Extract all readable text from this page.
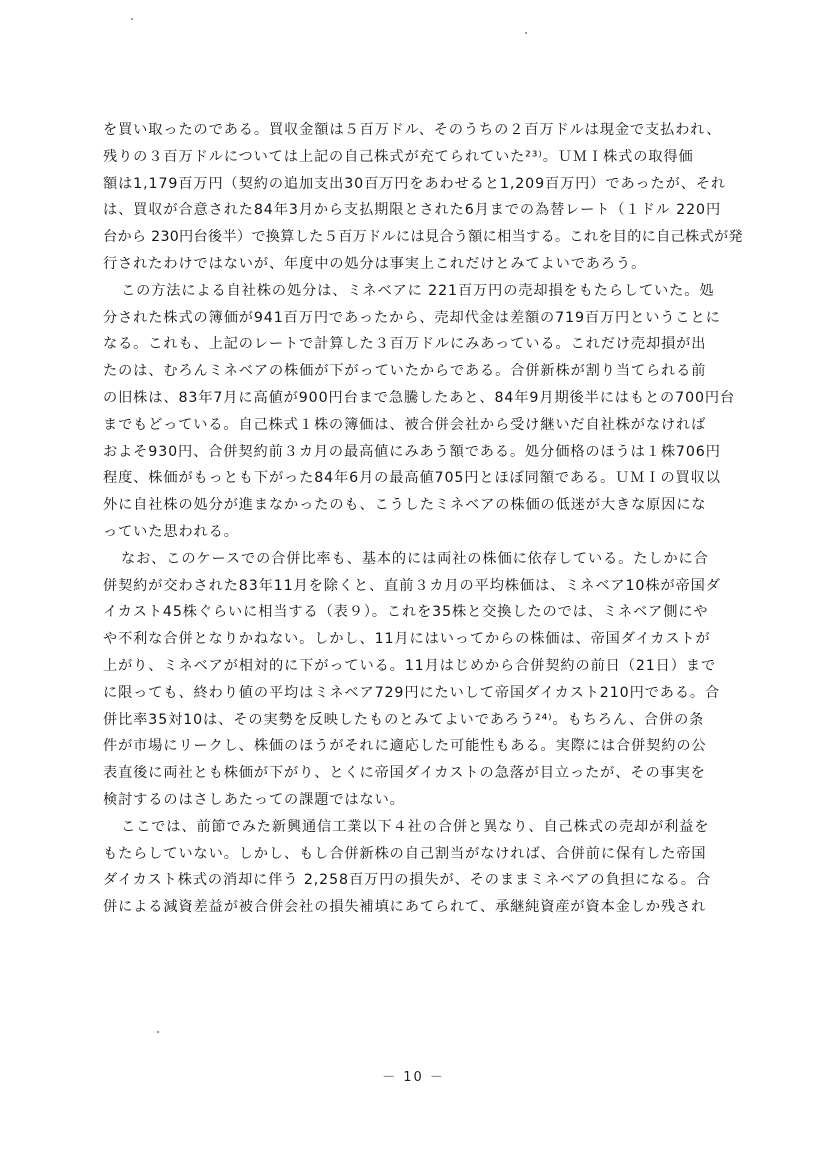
を買い取ったのである。買収金額は５百万ドル、そのうちの２百万ドルは現金で支払われ、
残りの３百万ドルについては上記の自己株式が充てられていた²³⁾。ＵＭＩ株式の取得価
額は1,179百万円（契約の追加支出30百万円をあわせると1,209百万円）であったが、それ
は、買収が合意された84年3月から支払期限とされた6月までの為替レート（１ドル 220円
台から 230円台後半）で換算した５百万ドルには見合う額に相当する。これを目的に自己株式が発
行されたわけではないが、年度中の処分は事実上これだけとみてよいであろう。
この方法による自社株の処分は、ミネベアに 221百万円の売却損をもたらしていた。処
分された株式の簿価が941百万円であったから、売却代金は差額の719百万円ということに
なる。これも、上記のレートで計算した３百万ドルにみあっている。これだけ売却損が出
たのは、むろんミネベアの株価が下がっていたからである。合併新株が割り当てられる前
の旧株は、83年7月に高値が900円台まで急騰したあと、84年9月期後半にはもとの700円台
までもどっている。自己株式１株の簿価は、被合併会社から受け継いだ自社株がなければ
およそ930円、合併契約前３カ月の最高値にみあう額である。処分価格のほうは１株706円
程度、株価がもっとも下がった84年6月の最高値705円とほぼ同額である。ＵＭＩの買収以
外に自社株の処分が進まなかったのも、こうしたミネベアの株価の低迷が大きな原因にな
っていた思われる。
なお、このケースでの合併比率も、基本的には両社の株価に依存している。たしかに合
併契約が交わされた83年11月を除くと、直前３カ月の平均株価は、ミネベア10株が帝国ダ
イカスト45株ぐらいに相当する（表９）。これを35株と交換したのでは、ミネベア側にや
や不利な合併となりかねない。しかし、11月にはいってからの株価は、帝国ダイカストが
上がり、ミネベアが相対的に下がっている。11月はじめから合併契約の前日（21日）まで
に限っても、終わり値の平均はミネベア729円にたいして帝国ダイカスト210円である。合
併比率35対10は、その実勢を反映したものとみてよいであろう²⁴⁾。もちろん、合併の条
件が市場にリークし、株価のほうがそれに適応した可能性もある。実際には合併契約の公
表直後に両社とも株価が下がり、とくに帝国ダイカストの急落が目立ったが、その事実を
検討するのはさしあたっての課題ではない。
ここでは、前節でみた新興通信工業以下４社の合併と異なり、自己株式の売却が利益を
もたらしていない。しかし、もし合併新株の自己割当がなければ、合併前に保有した帝国
ダイカスト株式の消却に伴う 2,258百万円の損失が、そのままミネベアの負担になる。合
併による減資差益が被合併会社の損失補填にあてられて、承継純資産が資本金しか残され
－ 10 －
